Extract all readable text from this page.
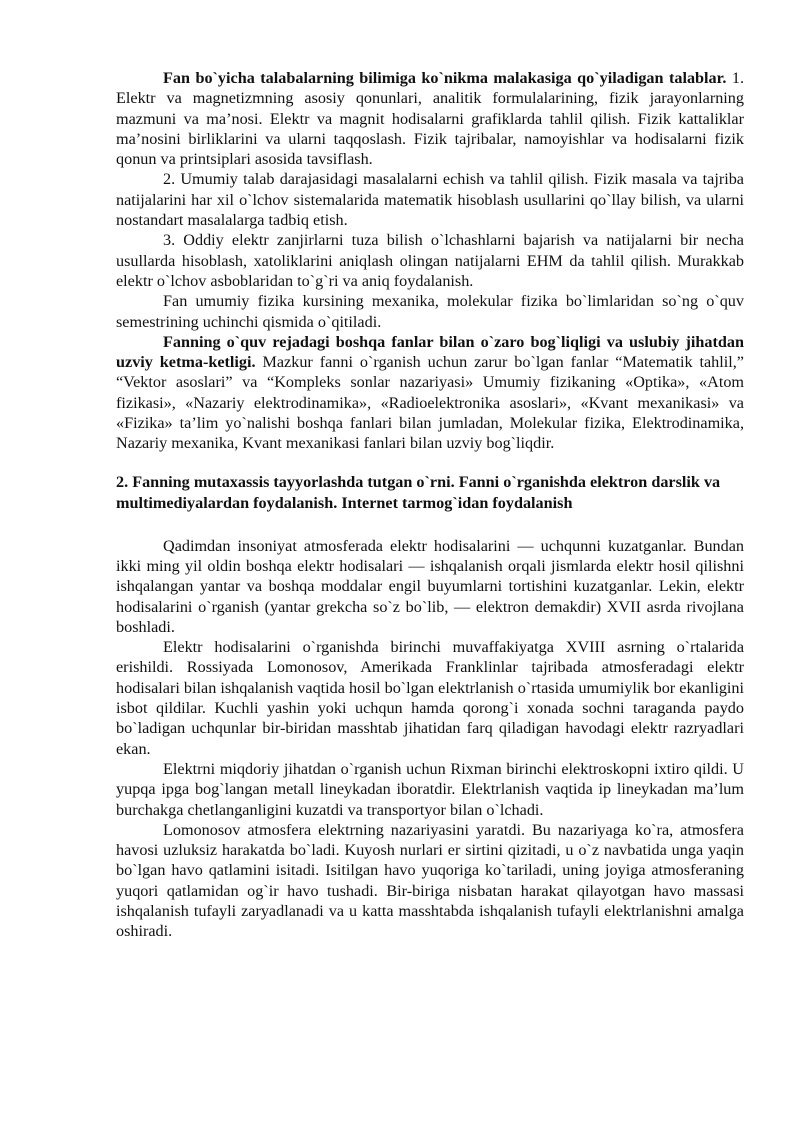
Fan bo`yicha talabalarning bilimiga ko`nikma malakasiga qo`yiladigan talablar. 1. Elektr va magnetizmning asosiy qonunlari, analitik formulalarining, fizik jarayonlarning mazmuni va ma’nosi. Elektr va magnit hodisalarni grafiklarda tahlil qilish. Fizik kattaliklar ma’nosini birliklarini va ularni taqqoslash. Fizik tajribalar, namoyishlar va hodisalarni fizik qonun va printsiplari asosida tavsiflash.

2. Umumiy talab darajasidagi masalalarni echish va tahlil qilish. Fizik masala va tajriba natijalarini har xil o`lchov sistemalarida matematik hisoblash usullarini qo`llay bilish, va ularni nostandart masalalarga tadbiq etish.

3. Oddiy elektr zanjirlarni tuza bilish o`lchashlarni bajarish va natijalarni bir necha usullarda hisoblash, xatoliklarini aniqlash olingan natijalarni EHM da tahlil qilish. Murakkab elektr o`lchov asboblaridan to`g`ri va aniq foydalanish.

Fan umumiy fizika kursining mexanika, molekular fizika bo`limlaridan so`ng o`quv semestrining uchinchi qismida o`qitiladi.

Fanning o`quv rejadagi boshqa fanlar bilan o`zaro bog`liqligi va uslubiy jihatdan uzviy ketma-ketligi. Mazkur fanni o`rganish uchun zarur bo`lgan fanlar “Matematik tahlil,” “Vektor asoslari” va “Kompleks sonlar nazariyasi» Umumiy fizikaning «Optika», «Atom fizikasi», «Nazariy elektrodinamika», «Radioelektronika asoslari», «Kvant mexanikasi» va «Fizika» ta’lim yo`nalishi boshqa fanlari bilan jumladan, Molekular fizika, Elektrodinamika, Nazariy mexanika, Kvant mexanikasi fanlari bilan uzviy bog`liqdir.

2. Fanning mutaxassis tayyorlashda tutgan o`rni. Fanni o`rganishda elektron darslik va multimediyalardan foydalanish. Internet tarmog`idan foydalanish

Qadimdan insoniyat atmosferada elektr hodisalarini — uchqunni kuzatganlar. Bundan ikki ming yil oldin boshqa elektr hodisalari — ishqalanish orqali jismlarda elektr hosil qilishni ishqalangan yantar va boshqa moddalar engil buyumlarni tortishini kuzatganlar. Lekin, elektr hodisalarini o`rganish (yantar grekcha so`z bo`lib, — elektron demakdir) XVII asrda rivojlana boshladi.

Elektr hodisalarini o`rganishda birinchi muvaffakiyatga XVIII asrning o`rtalarida erishildi. Rossiyada Lomonosov, Amerikada Franklinlar tajribada atmosferadagi elektr hodisalari bilan ishqalanish vaqtida hosil bo`lgan elektrlanish o`rtasida umumiylik bor ekanligini isbot qildilar. Kuchli yashin yoki uchqun hamda qorong`i xonada sochni taraganda paydo bo`ladigan uchqunlar bir-biridan masshtab jihatidan farq qiladigan havodagi elektr razryadlari ekan.

Elektrni miqdoriy jihatdan o`rganish uchun Rixman birinchi elektroskopni ixtiro qildi. U yupqa ipga bog`langan metall lineykadan iboratdir. Elektrlanish vaqtida ip lineykadan ma’lum burchakga chetlanganligini kuzatdi va transportyor bilan o`lchadi.

Lomonosov atmosfera elektrning nazariyasini yaratdi. Bu nazariyaga ko`ra, atmosfera havosi uzluksiz harakatda bo`ladi. Kuyosh nurlari er sirtini qizitadi, u o`z navbatida unga yaqin bo`lgan havo qatlamini isitadi. Isitilgan havo yuqoriga ko`tariladi, uning joyiga atmosferaning yuqori qatlamidan og`ir havo tushadi. Bir-biriga nisbatan harakat qilayotgan havo massasi ishqalanish tufayli zaryadlanadi va u katta masshtabda ishqalanish tufayli elektrlanishni amalga oshiradi.
